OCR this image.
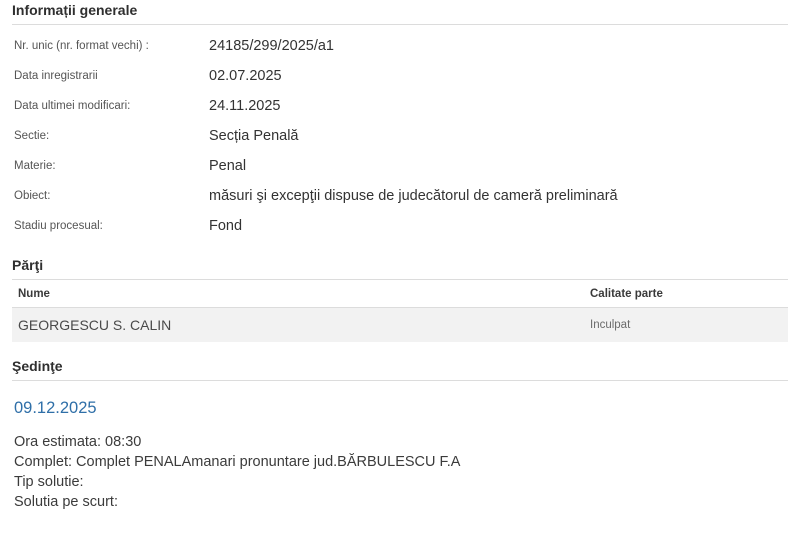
Informații generale
Nr. unic (nr. format vechi) :	24185/299/2025/a1
Data inregistrarii	02.07.2025
Data ultimei modificari:	24.11.2025
Sectie:	Secția Penală
Materie:	Penal
Obiect:	măsuri şi excepţii dispuse de judecătorul de cameră preliminară
Stadiu procesual:	Fond
Părţi
Nume	Calitate parte
GEORGESCU S. CALIN	Inculpat
Şedinţe
09.12.2025
Ora estimata: 08:30
Complet: Complet PENALAmanari pronuntare jud.BĂRBULESCU F.A
Tip solutie:
Solutia pe scurt:
